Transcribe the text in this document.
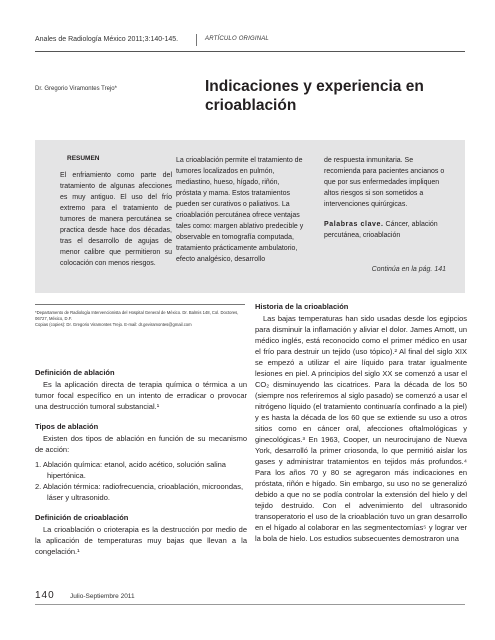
Anales de Radiología México 2011;3:140-145.	ARTÍCULO ORIGINAL
Dr. Gregorio Viramontes Trejo*	Indicaciones y experiencia en crioablación
RESUMEN

El enfriamiento como parte del tratamiento de algunas afecciones es muy antiguo. El uso del frío extremo para el tratamiento de tumores de manera percutánea se practica desde hace dos décadas, tras el desarrollo de agujas de menor calibre que permitieron su colocación con menos riesgos.

La crioablación permite el tratamiento de tumores localizados en pulmón, mediastino, hueso, hígado, riñón, próstata y mama. Estos tratamientos pueden ser curativos o paliativos. La crioablación percutánea ofrece ventajas tales como: margen ablativo predecible y observable en tomografía computada, tratamiento prácticamente ambulatorio, efecto analgésico, desarrollo

de respuesta inmunitaria. Se recomienda para pacientes ancianos o que por sus enfermedades impliquen altos riesgos si son sometidos a intervenciones quirúrgicas.

Palabras clave. Cáncer, ablación percutánea, crioablación

Continúa en la pág. 141
*Departamento de Radiología Intervencionista del Hospital General de México. Dr. Balmis 148, Col. Doctores, 06727, México, D.F.
Copias (copies): Dr. Gregorio Viramontes Trejo. E-mail: dr.geviramontes@gmail.com

Definición de ablación

Es la aplicación directa de terapia química o térmica a un tumor focal específico en un intento de erradicar o provocar una destrucción tumoral substancial.¹

Tipos de ablación

Existen dos tipos de ablación en función de su mecanismo de acción:

1. Ablación química: etanol, acido acético, solución salina hipertónica.
2. Ablación térmica: radiofrecuencia, crioablación, microondas, láser y ultrasonido.

Definición de crioablación

La crioablación o crioterapia es la destrucción por medio de la aplicación de temperaturas muy bajas que llevan a la congelación.¹

Historia de la crioablación

Las bajas temperaturas han sido usadas desde los egipcios para disminuir la inflamación y aliviar el dolor. James Arnott, un médico inglés, está reconocido como el primer médico en usar el frío para destruir un tejido (uso tópico).² Al final del siglo XIX se empezó a utilizar el aire líquido para tratar igualmente lesiones en piel. A principios del siglo XX se comenzó a usar el CO₂ disminuyendo las cicatrices. Para la década de los 50 (siempre nos referiremos al siglo pasado) se comenzó a usar el nitrógeno líquido (el tratamiento continuaría confinado a la piel) y es hasta la década de los 60 que se extiende su uso a otros sitios como en cáncer oral, afecciones oftalmológicas y ginecológicas.³ En 1963, Cooper, un neurocirujano de Nueva York, desarrolló la primer criosonda, lo que permitió aislar los gases y administrar tratamientos en tejidos más profundos.⁴ Para los años 70 y 80 se agregaron más indicaciones en próstata, riñón e hígado. Sin embargo, su uso no se generalizó debido a que no se podía controlar la extensión del hielo y del tejido destruido. Con el advenimiento del ultrasonido transoperatorio el uso de la crioablación tuvo un gran desarrollo en el hígado al colaborar en las segmentectomías⁵ y lograr ver la bola de hielo. Los estudios subsecuentes demostraron una

140 Julio-Septiembre 2011
